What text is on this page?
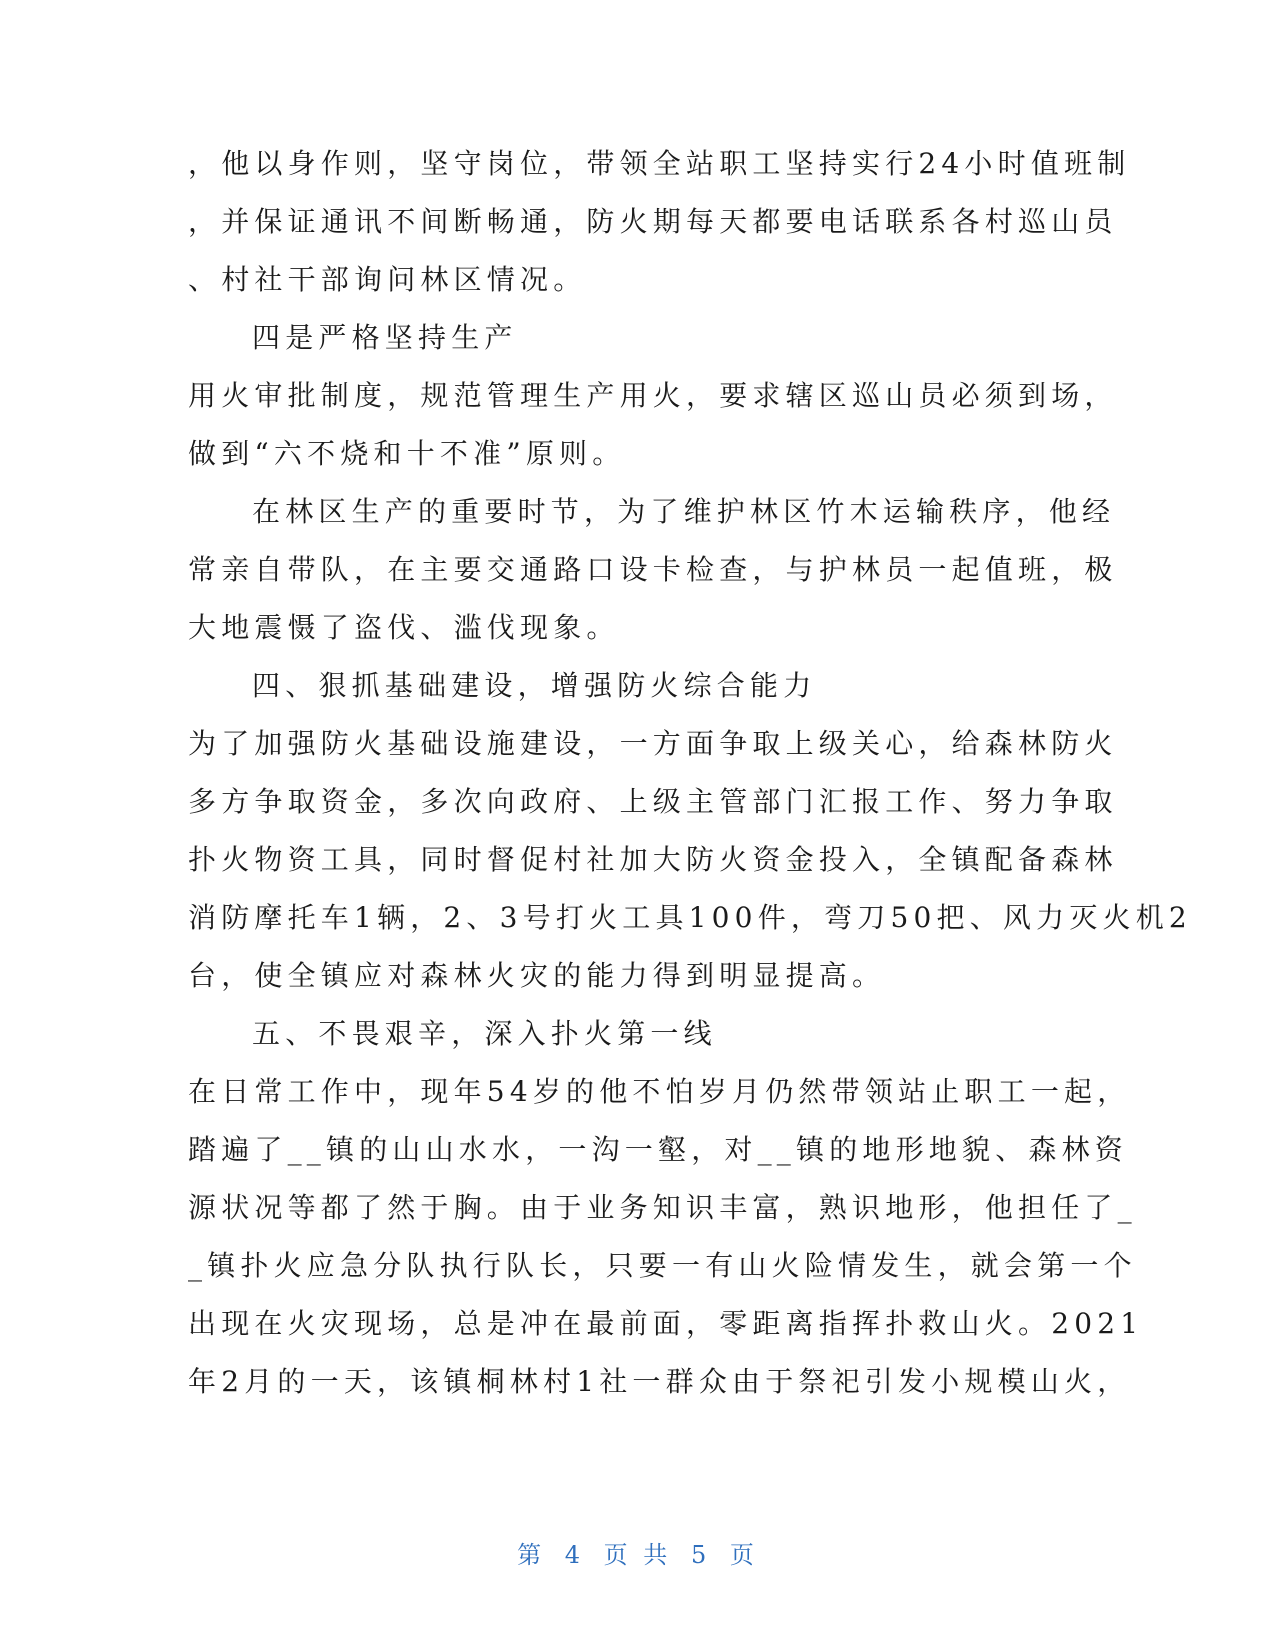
，他以身作则，坚守岗位，带领全站职工坚持实行24小时值班制
，并保证通讯不间断畅通，防火期每天都要电话联系各村巡山员
、村社干部询问林区情况。
四是严格坚持生产
用火审批制度，规范管理生产用火，要求辖区巡山员必须到场，
做到“六不烧和十不准”原则。
在林区生产的重要时节，为了维护林区竹木运输秩序，他经
常亲自带队，在主要交通路口设卡检查，与护林员一起值班，极
大地震慑了盗伐、滥伐现象。
四、狠抓基础建设，增强防火综合能力
为了加强防火基础设施建设，一方面争取上级关心，给森林防火
多方争取资金，多次向政府、上级主管部门汇报工作、努力争取
扑火物资工具，同时督促村社加大防火资金投入，全镇配备森林
消防摩托车1辆，2、3号打火工具100件，弯刀50把、风力灭火机2
台，使全镇应对森林火灾的能力得到明显提高。
五、不畏艰辛，深入扑火第一线
在日常工作中，现年54岁的他不怕岁月仍然带领站止职工一起，
踏遍了__镇的山山水水，一沟一壑，对__镇的地形地貌、森林资
源状况等都了然于胸。由于业务知识丰富，熟识地形，他担任了_
_镇扑火应急分队执行队长，只要一有山火险情发生，就会第一个
出现在火灾现场，总是冲在最前面，零距离指挥扑救山火。2021
年2月的一天，该镇桐林村1社一群众由于祭祀引发小规模山火，
第 4 页 共 5 页
